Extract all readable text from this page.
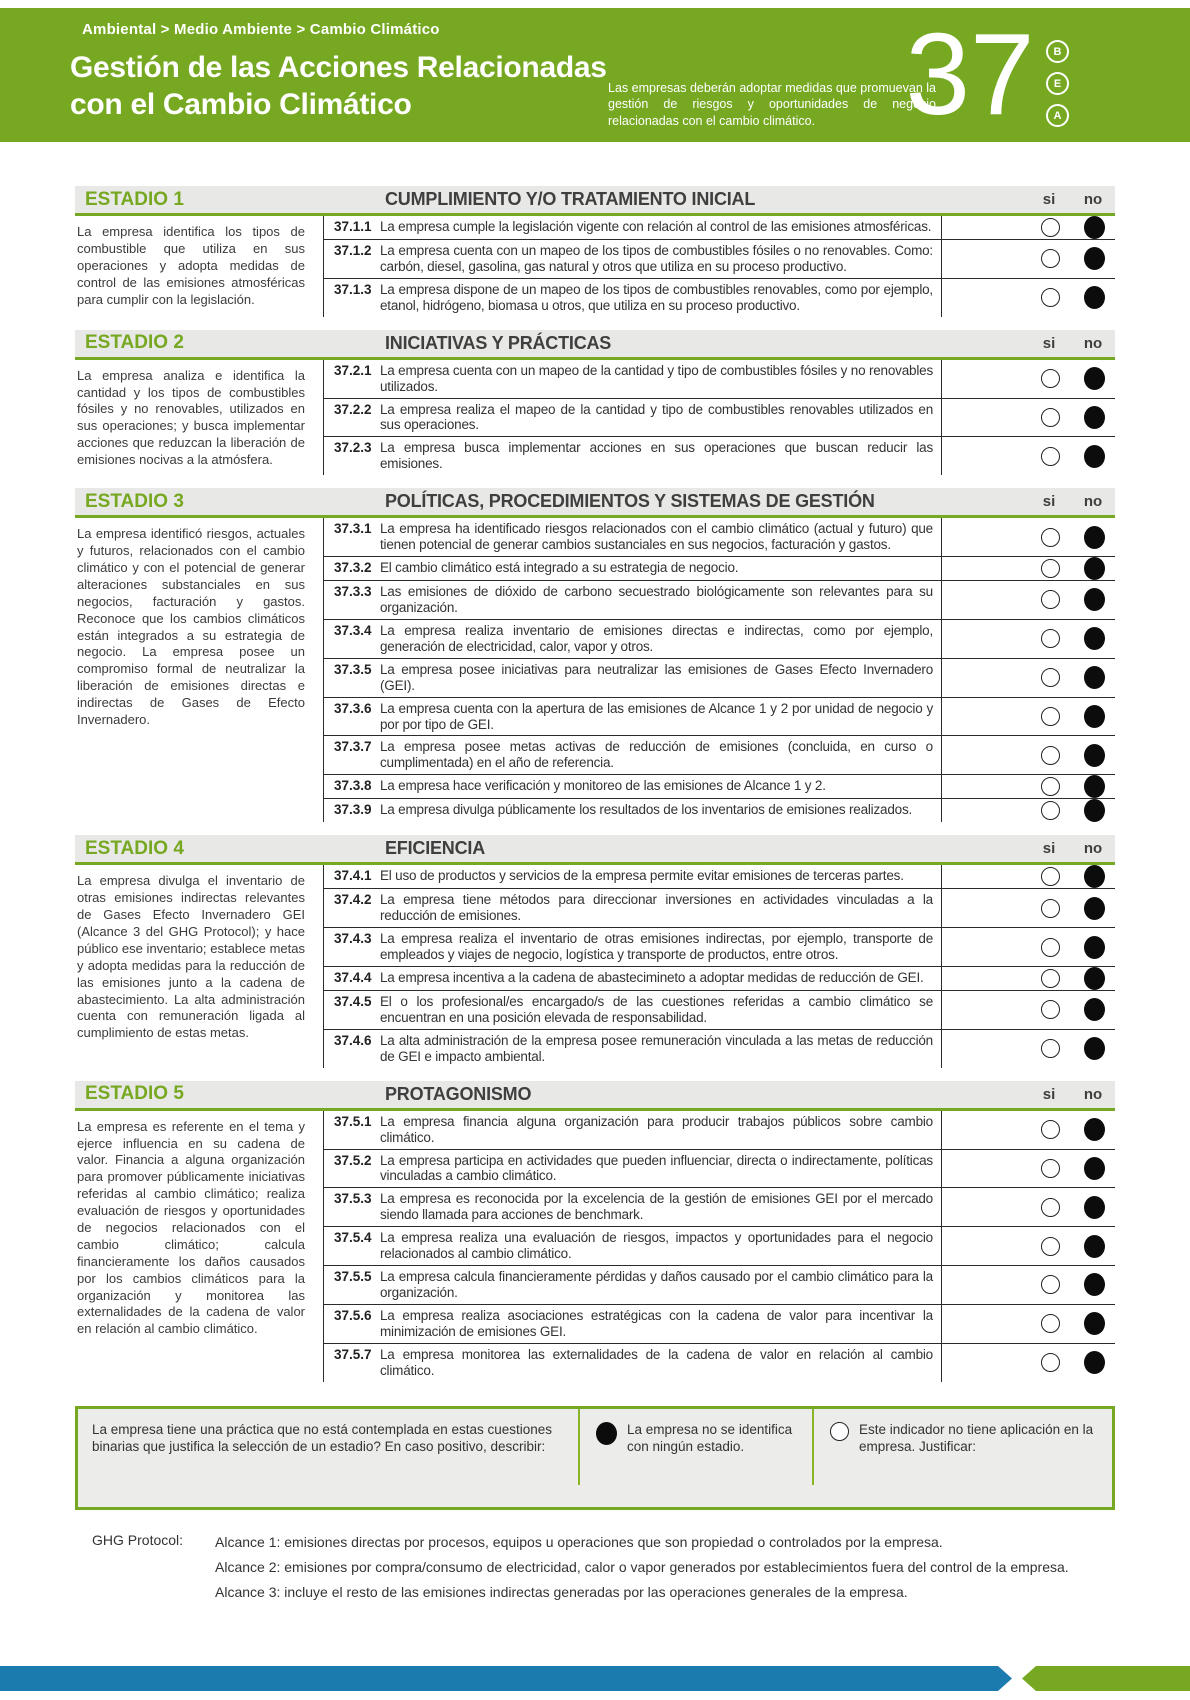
Ambiental > Medio Ambiente > Cambio Climático
Gestión de las Acciones Relacionadas
con el Cambio Climático	Las empresas deberán adoptar medidas que promuevan la gestión de riesgos y oportunidades de negocio relacionadas con el cambio climático. 37	B
E
A
ESTADIO 1	CUMPLIMIENTO Y/O TRATAMIENTO INICIAL	si	no
La empresa identifica los tipos de combustible que utiliza en sus operaciones y adopta medidas de control de las emisiones atmosféricas para cumplir con la legislación.
37.1.1 La empresa cumple la legislación vigente con relación al control de las emisiones atmosféricas.
37.1.2 La empresa cuenta con un mapeo de los tipos de combustibles fósiles o no renovables. Como: carbón, diesel, gasolina, gas natural y otros que utiliza en su proceso productivo.
37.1.3 La empresa dispone de un mapeo de los tipos de combustibles renovables, como por ejemplo, etanol, hidrógeno, biomasa u otros, que utiliza en su proceso productivo.
ESTADIO 2	INICIATIVAS Y PRÁCTICAS	si	no
La empresa analiza e identifica la cantidad y los tipos de combustibles fósiles y no renovables, utilizados en sus operaciones; y busca implementar acciones que reduzcan la liberación de emisiones nocivas a la atmósfera.
37.2.1 La empresa cuenta con un mapeo de la cantidad y tipo de combustibles fósiles y no renovables utilizados.
37.2.2 La empresa realiza el mapeo de la cantidad y tipo de combustibles renovables utilizados en sus operaciones.
37.2.3 La empresa busca implementar acciones en sus operaciones que buscan reducir las emisiones.
ESTADIO 3	POLÍTICAS, PROCEDIMIENTOS Y SISTEMAS DE GESTIÓN	si	no
La empresa identificó riesgos, actuales y futuros, relacionados con el cambio climático y con el potencial de generar alteraciones substanciales en sus negocios, facturación y gastos. Reconoce que los cambios climáticos están integrados a su estrategia de negocio. La empresa posee un compromiso formal de neutralizar la liberación de emisiones directas e indirectas de Gases de Efecto Invernadero.
37.3.1 La empresa ha identificado riesgos relacionados con el cambio climático (actual y futuro) que tienen potencial de generar cambios sustanciales en sus negocios, facturación y gastos.
37.3.2 El cambio climático está integrado a su estrategia de negocio.
37.3.3 Las emisiones de dióxido de carbono secuestrado biológicamente son relevantes para su organización.
37.3.4 La empresa realiza inventario de emisiones directas e indirectas, como por ejemplo, generación de electricidad, calor, vapor y otros.
37.3.5 La empresa posee iniciativas para neutralizar las emisiones de Gases Efecto Invernadero (GEI).
37.3.6 La empresa cuenta con la apertura de las emisiones de Alcance 1 y 2 por unidad de negocio y por por tipo de GEI.
37.3.7 La empresa posee metas activas de reducción de emisiones (concluida, en curso o cumplimentada) en el año de referencia.
37.3.8 La empresa hace verificación y monitoreo de las emisiones de Alcance 1 y 2.
37.3.9 La empresa divulga públicamente los resultados de los inventarios de emisiones realizados.
ESTADIO 4	EFICIENCIA	si	no
La empresa divulga el inventario de otras emisiones indirectas relevantes de Gases Efecto Invernadero GEI (Alcance 3 del GHG Protocol); y hace público ese inventario; establece metas y adopta medidas para la reducción de las emisiones junto a la cadena de abastecimiento. La alta administración cuenta con remuneración ligada al cumplimiento de estas metas.
37.4.1 El uso de productos y servicios de la empresa permite evitar emisiones de terceras partes.
37.4.2 La empresa tiene métodos para direccionar inversiones en actividades vinculadas a la reducción de emisiones.
37.4.3 La empresa realiza el inventario de otras emisiones indirectas, por ejemplo, transporte de empleados y viajes de negocio, logística y transporte de productos, entre otros.
37.4.4 La empresa incentiva a la cadena de abastecimineto a adoptar medidas de reducción de GEI.
37.4.5 El o los profesional/es encargado/s de las cuestiones referidas a cambio climático se encuentran en una posición elevada de responsabilidad.
37.4.6 La alta administración de la empresa posee remuneración vinculada a las metas de reducción de GEI e impacto ambiental.
ESTADIO 5	PROTAGONISMO	si	no
La empresa es referente en el tema y ejerce influencia en su cadena de valor. Financia a alguna organización para promover públicamente iniciativas referidas al cambio climático; realiza evaluación de riesgos y oportunidades de negocios relacionados con el cambio climático; calcula financieramente los daños causados por los cambios climáticos para la organización y monitorea las externalidades de la cadena de valor en relación al cambio climático.
37.5.1 La empresa financia alguna organización para producir trabajos públicos sobre cambio climático.
37.5.2 La empresa participa en actividades que pueden influenciar, directa o indirectamente, políticas vinculadas a cambio climático.
37.5.3 La empresa es reconocida por la excelencia de la gestión de emisiones GEI por el mercado siendo llamada para acciones de benchmark.
37.5.4 La empresa realiza una evaluación de riesgos, impactos y oportunidades para el negocio relacionados al cambio climático.
37.5.5 La empresa calcula financieramente pérdidas y daños causado por el cambio climático para la organización.
37.5.6 La empresa realiza asociaciones estratégicas con la cadena de valor para incentivar la minimización de emisiones GEI.
37.5.7 La empresa monitorea las externalidades de la cadena de valor en relación al cambio climático.
La empresa tiene una práctica que no está contemplada en estas cuestiones binarias que justifica la selección de un estadio? En caso positivo, describir:
La empresa no se identifica con ningún estadio.
Este indicador no tiene aplicación en la empresa. Justificar:
GHG Protocol:	Alcance 1: emisiones directas por procesos, equipos u operaciones que son propiedad o controlados por la empresa.
Alcance 2: emisiones por compra/consumo de electricidad, calor o vapor generados por establecimientos fuera del control de la empresa.
Alcance 3: incluye el resto de las emisiones indirectas generadas por las operaciones generales de la empresa.
